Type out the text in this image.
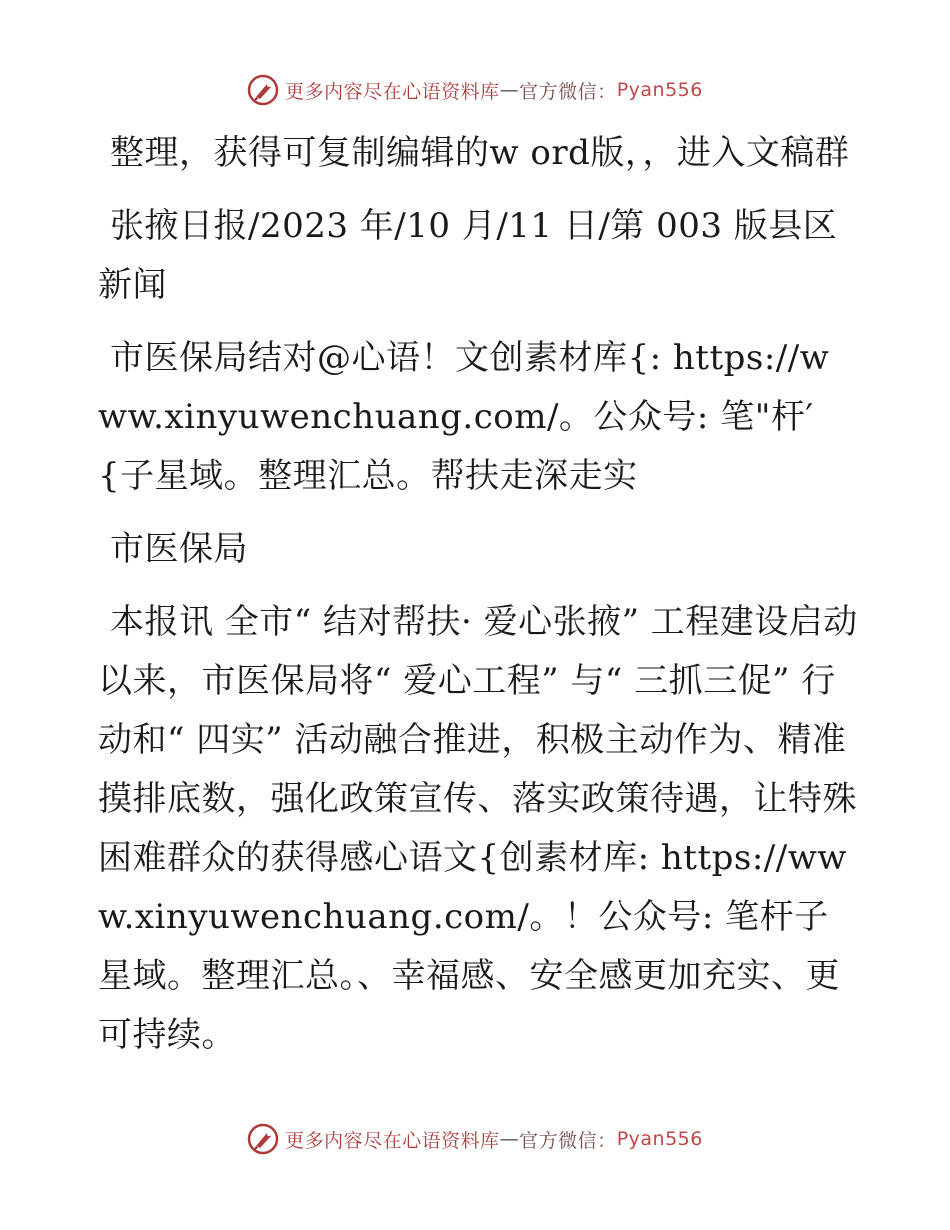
更多内容尽在心语资料库 — 官方微信： Pyan556

整理，获得可复制编辑的w ord版，，进入文稿群

张掖日报/2023 年/10 月/11 日/第 003 版县区新闻

市医保局结对@心语！文创素材库{: https://www.xinyuwenchuang.com/。公众号: 笔"杆′{子星域。整理汇总。帮扶走深走实

市医保局

本报讯 全市“ 结对帮扶· 爱心张掖” 工程建设启动以来，市医保局将“ 爱心工程” 与“ 三抓三促” 行动和“ 四实” 活动融合推进，积极主动作为、精准摸排底数，强化政策宣传、落实政策待遇，让特殊困难群众的获得感心语文{创素材库: https://www.xinyuwenchuang.com/。！公众号: 笔杆子星域。整理汇总。、幸福感、安全感更加充实、更可持续。

更多内容尽在心语资料库 — 官方微信： Pyan556
